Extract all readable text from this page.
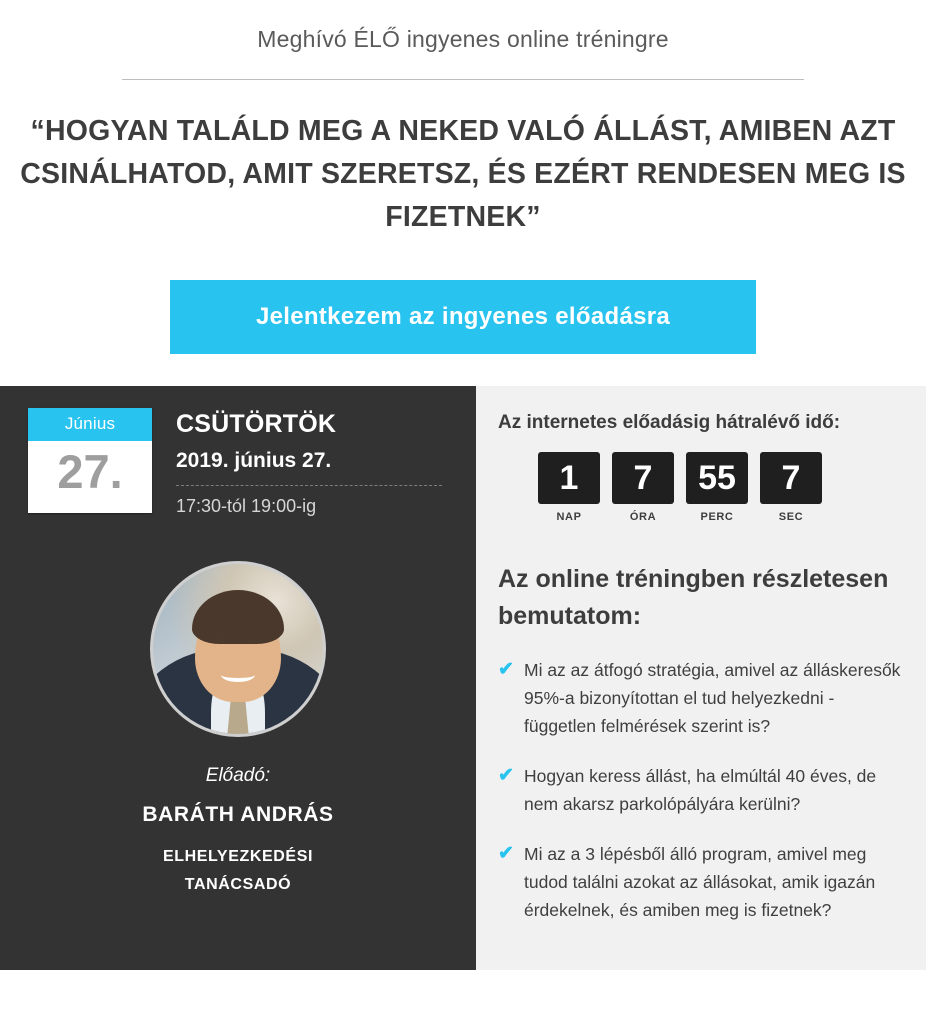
Meghívó ÉLŐ ingyenes online tréningre
“HOGYAN TALÁLD MEG A NEKED VALÓ ÁLLÁST, AMIBEN AZT CSINÁLHATOD, AMIT SZERETSZ, ÉS EZÉRT RENDESEN MEG IS FIZETNEK”
Jelentkezem az ingyenes előadásra
Június
27.
CSÜTÖRTÖK
2019. június 27.
17:30-tól 19:00-ig
Előadó:
BARÁTH ANDRÁS
ELHELYEZKEDÉSI
TANÁCSADÓ
Az internetes előadásig hátralévő idő:
1
NAP
7
ÓRA
55
PERC
7
SEC
Az online tréningben részletesen bemutatom:
✔ Mi az az átfogó stratégia, amivel az álláskeresők 95%-a bizonyítottan el tud helyezkedni - független felmérések szerint is?
✔ Hogyan keress állást, ha elmúltál 40 éves, de nem akarsz parkolópályára kerülni?
✔ Mi az a 3 lépésből álló program, amivel meg tudod találni azokat az állásokat, amik igazán érdekelnek, és amiben meg is fizetnek?
